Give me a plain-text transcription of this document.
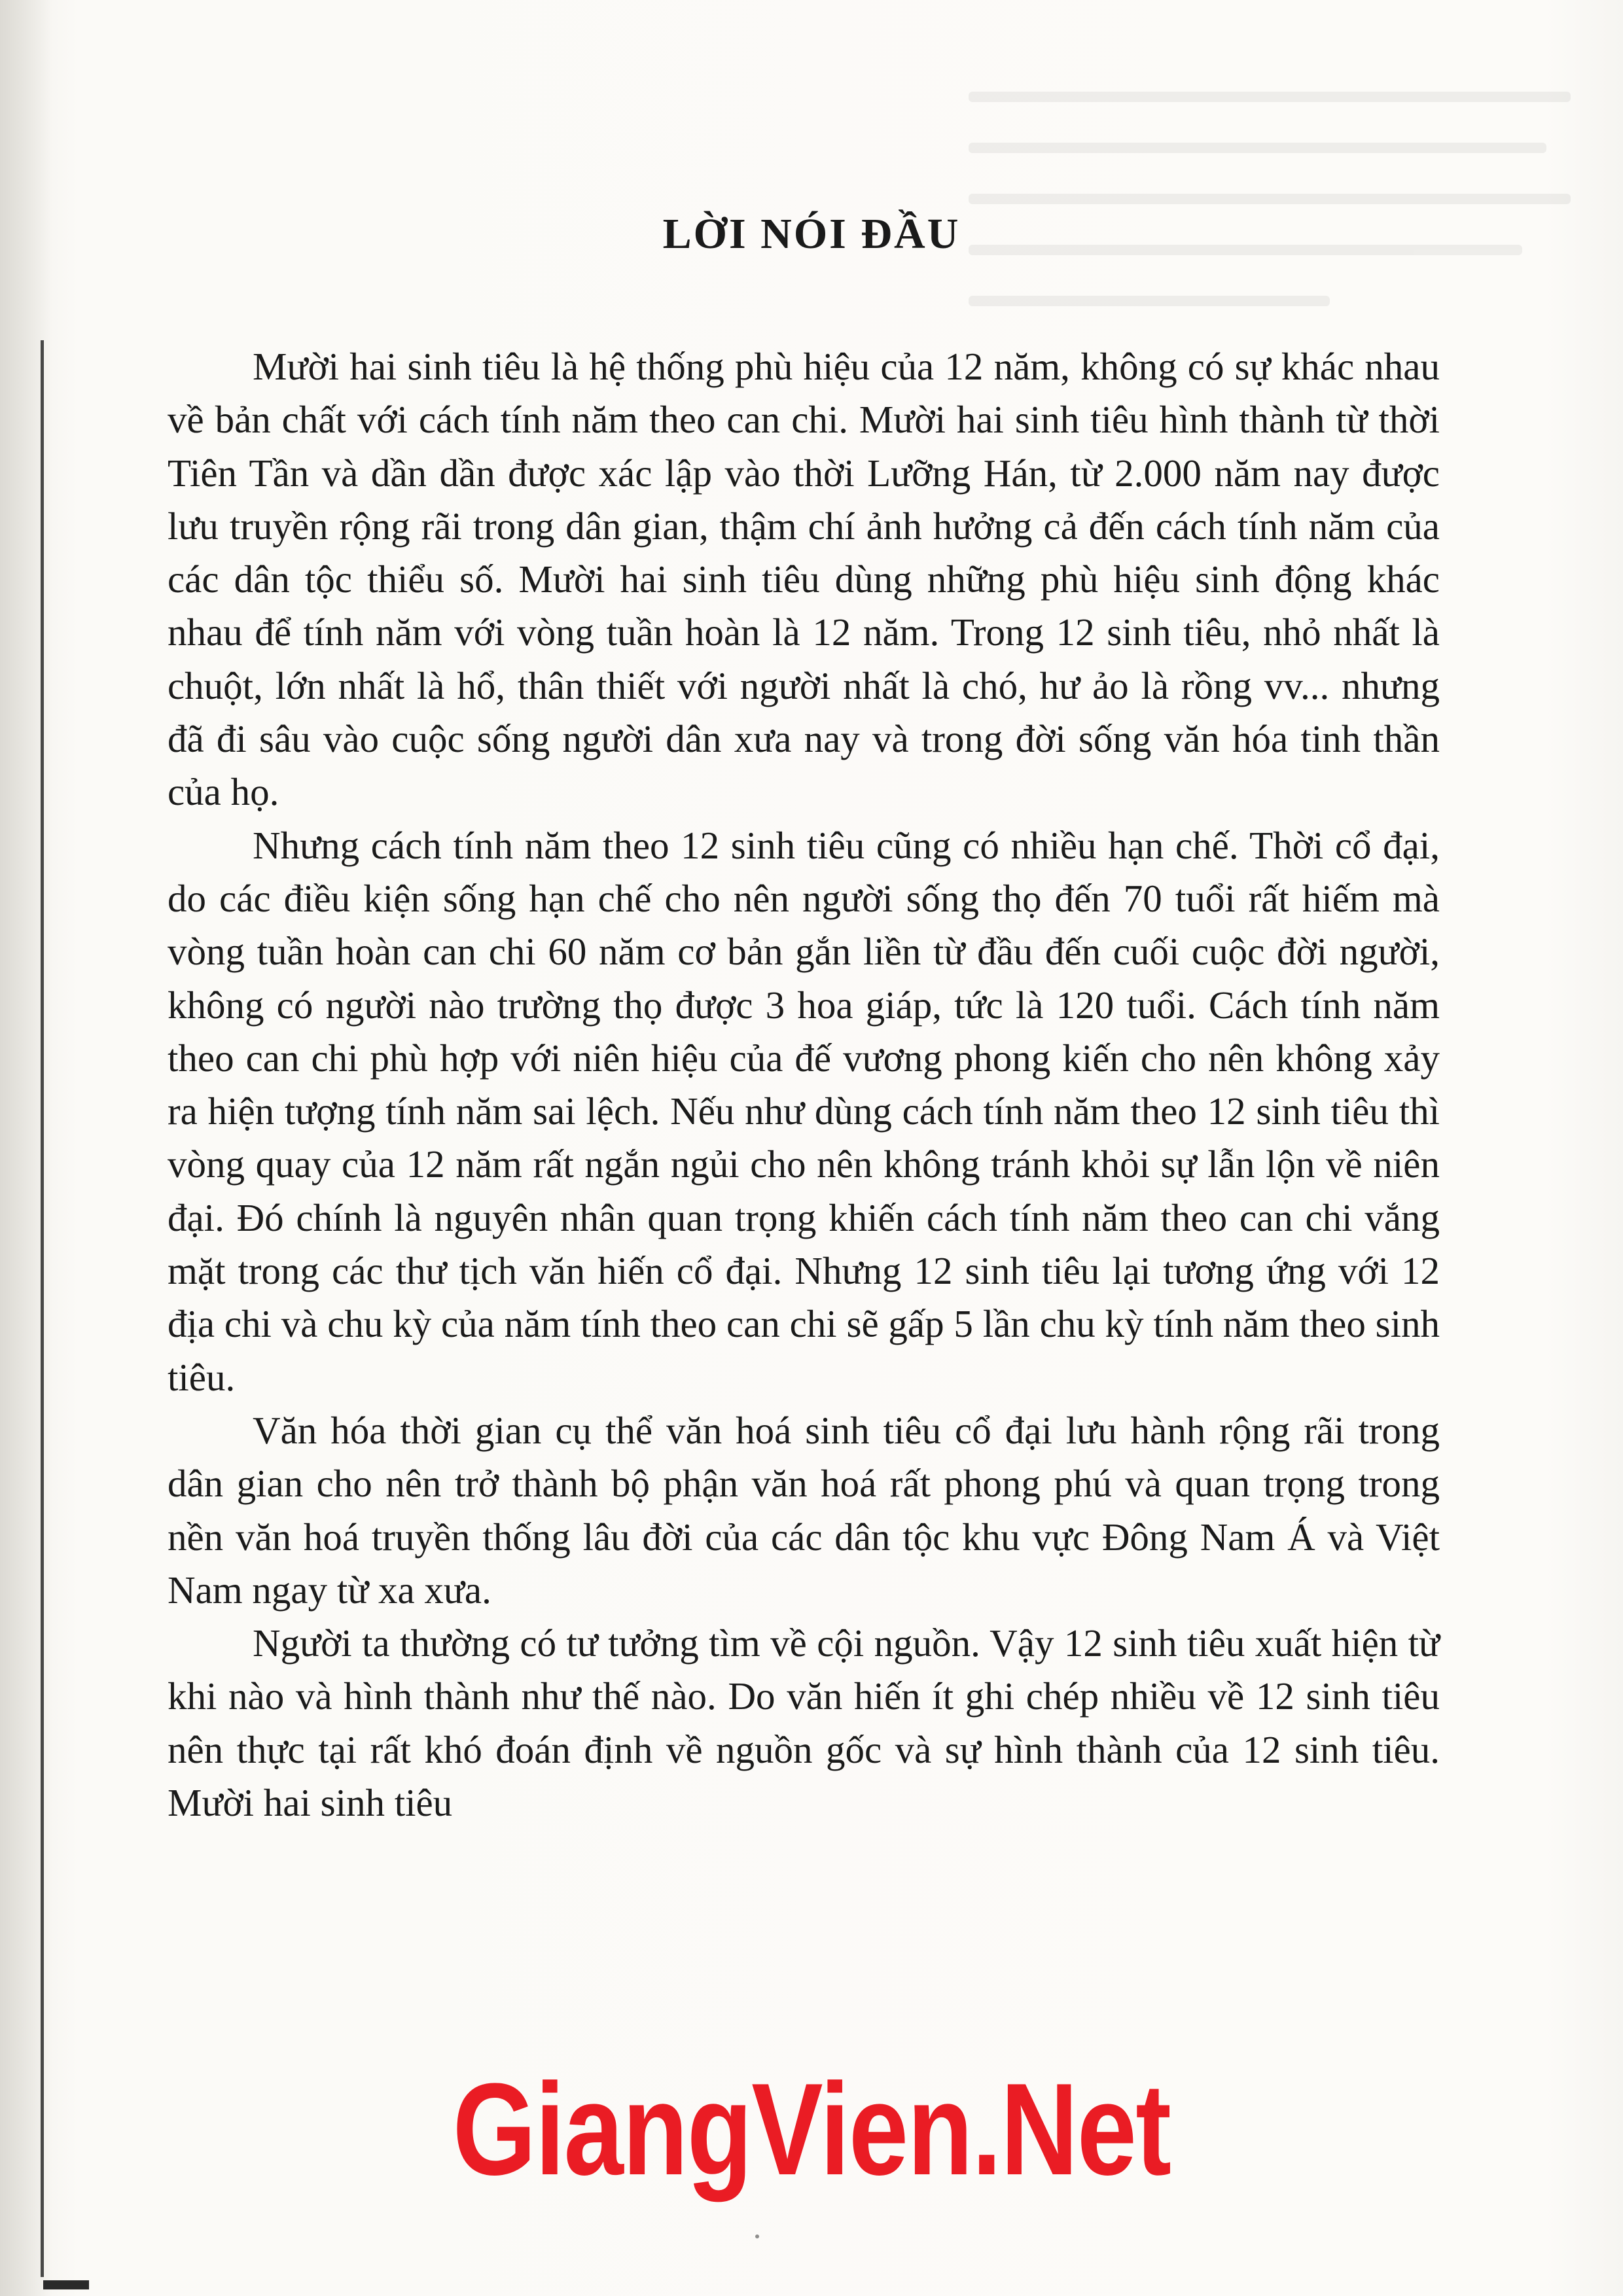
LỜI NÓI ĐẦU

Mười hai sinh tiêu là hệ thống phù hiệu của 12 năm, không có sự khác nhau về bản chất với cách tính năm theo can chi. Mười hai sinh tiêu hình thành từ thời Tiên Tần và dần dần được xác lập vào thời Lưỡng Hán, từ 2.000 năm nay được lưu truyền rộng rãi trong dân gian, thậm chí ảnh hưởng cả đến cách tính năm của các dân tộc thiểu số. Mười hai sinh tiêu dùng những phù hiệu sinh động khác nhau để tính năm với vòng tuần hoàn là 12 năm. Trong 12 sinh tiêu, nhỏ nhất là chuột, lớn nhất là hổ, thân thiết với người nhất là chó, hư ảo là rồng vv... nhưng đã đi sâu vào cuộc sống người dân xưa nay và trong đời sống văn hóa tinh thần của họ.

Nhưng cách tính năm theo 12 sinh tiêu cũng có nhiều hạn chế. Thời cổ đại, do các điều kiện sống hạn chế cho nên người sống thọ đến 70 tuổi rất hiếm mà vòng tuần hoàn can chi 60 năm cơ bản gắn liền từ đầu đến cuối cuộc đời người, không có người nào trường thọ được 3 hoa giáp, tức là 120 tuổi. Cách tính năm theo can chi phù hợp với niên hiệu của đế vương phong kiến cho nên không xảy ra hiện tượng tính năm sai lệch. Nếu như dùng cách tính năm theo 12 sinh tiêu thì vòng quay của 12 năm rất ngắn ngủi cho nên không tránh khỏi sự lẫn lộn về niên đại. Đó chính là nguyên nhân quan trọng khiến cách tính năm theo can chi vắng mặt trong các thư tịch văn hiến cổ đại. Nhưng 12 sinh tiêu lại tương ứng với 12 địa chi và chu kỳ của năm tính theo can chi sẽ gấp 5 lần chu kỳ tính năm theo sinh tiêu.

Văn hóa thời gian cụ thể văn hoá sinh tiêu cổ đại lưu hành rộng rãi trong dân gian cho nên trở thành bộ phận văn hoá rất phong phú và quan trọng trong nền văn hoá truyền thống lâu đời của các dân tộc khu vực Đông Nam Á và Việt Nam ngay từ xa xưa.

Người ta thường có tư tưởng tìm về cội nguồn. Vậy 12 sinh tiêu xuất hiện từ khi nào và hình thành như thế nào. Do văn hiến ít ghi chép nhiều về 12 sinh tiêu nên thực tại rất khó đoán định về nguồn gốc và sự hình thành của 12 sinh tiêu. Mười hai sinh tiêu

GiangVien.Net
